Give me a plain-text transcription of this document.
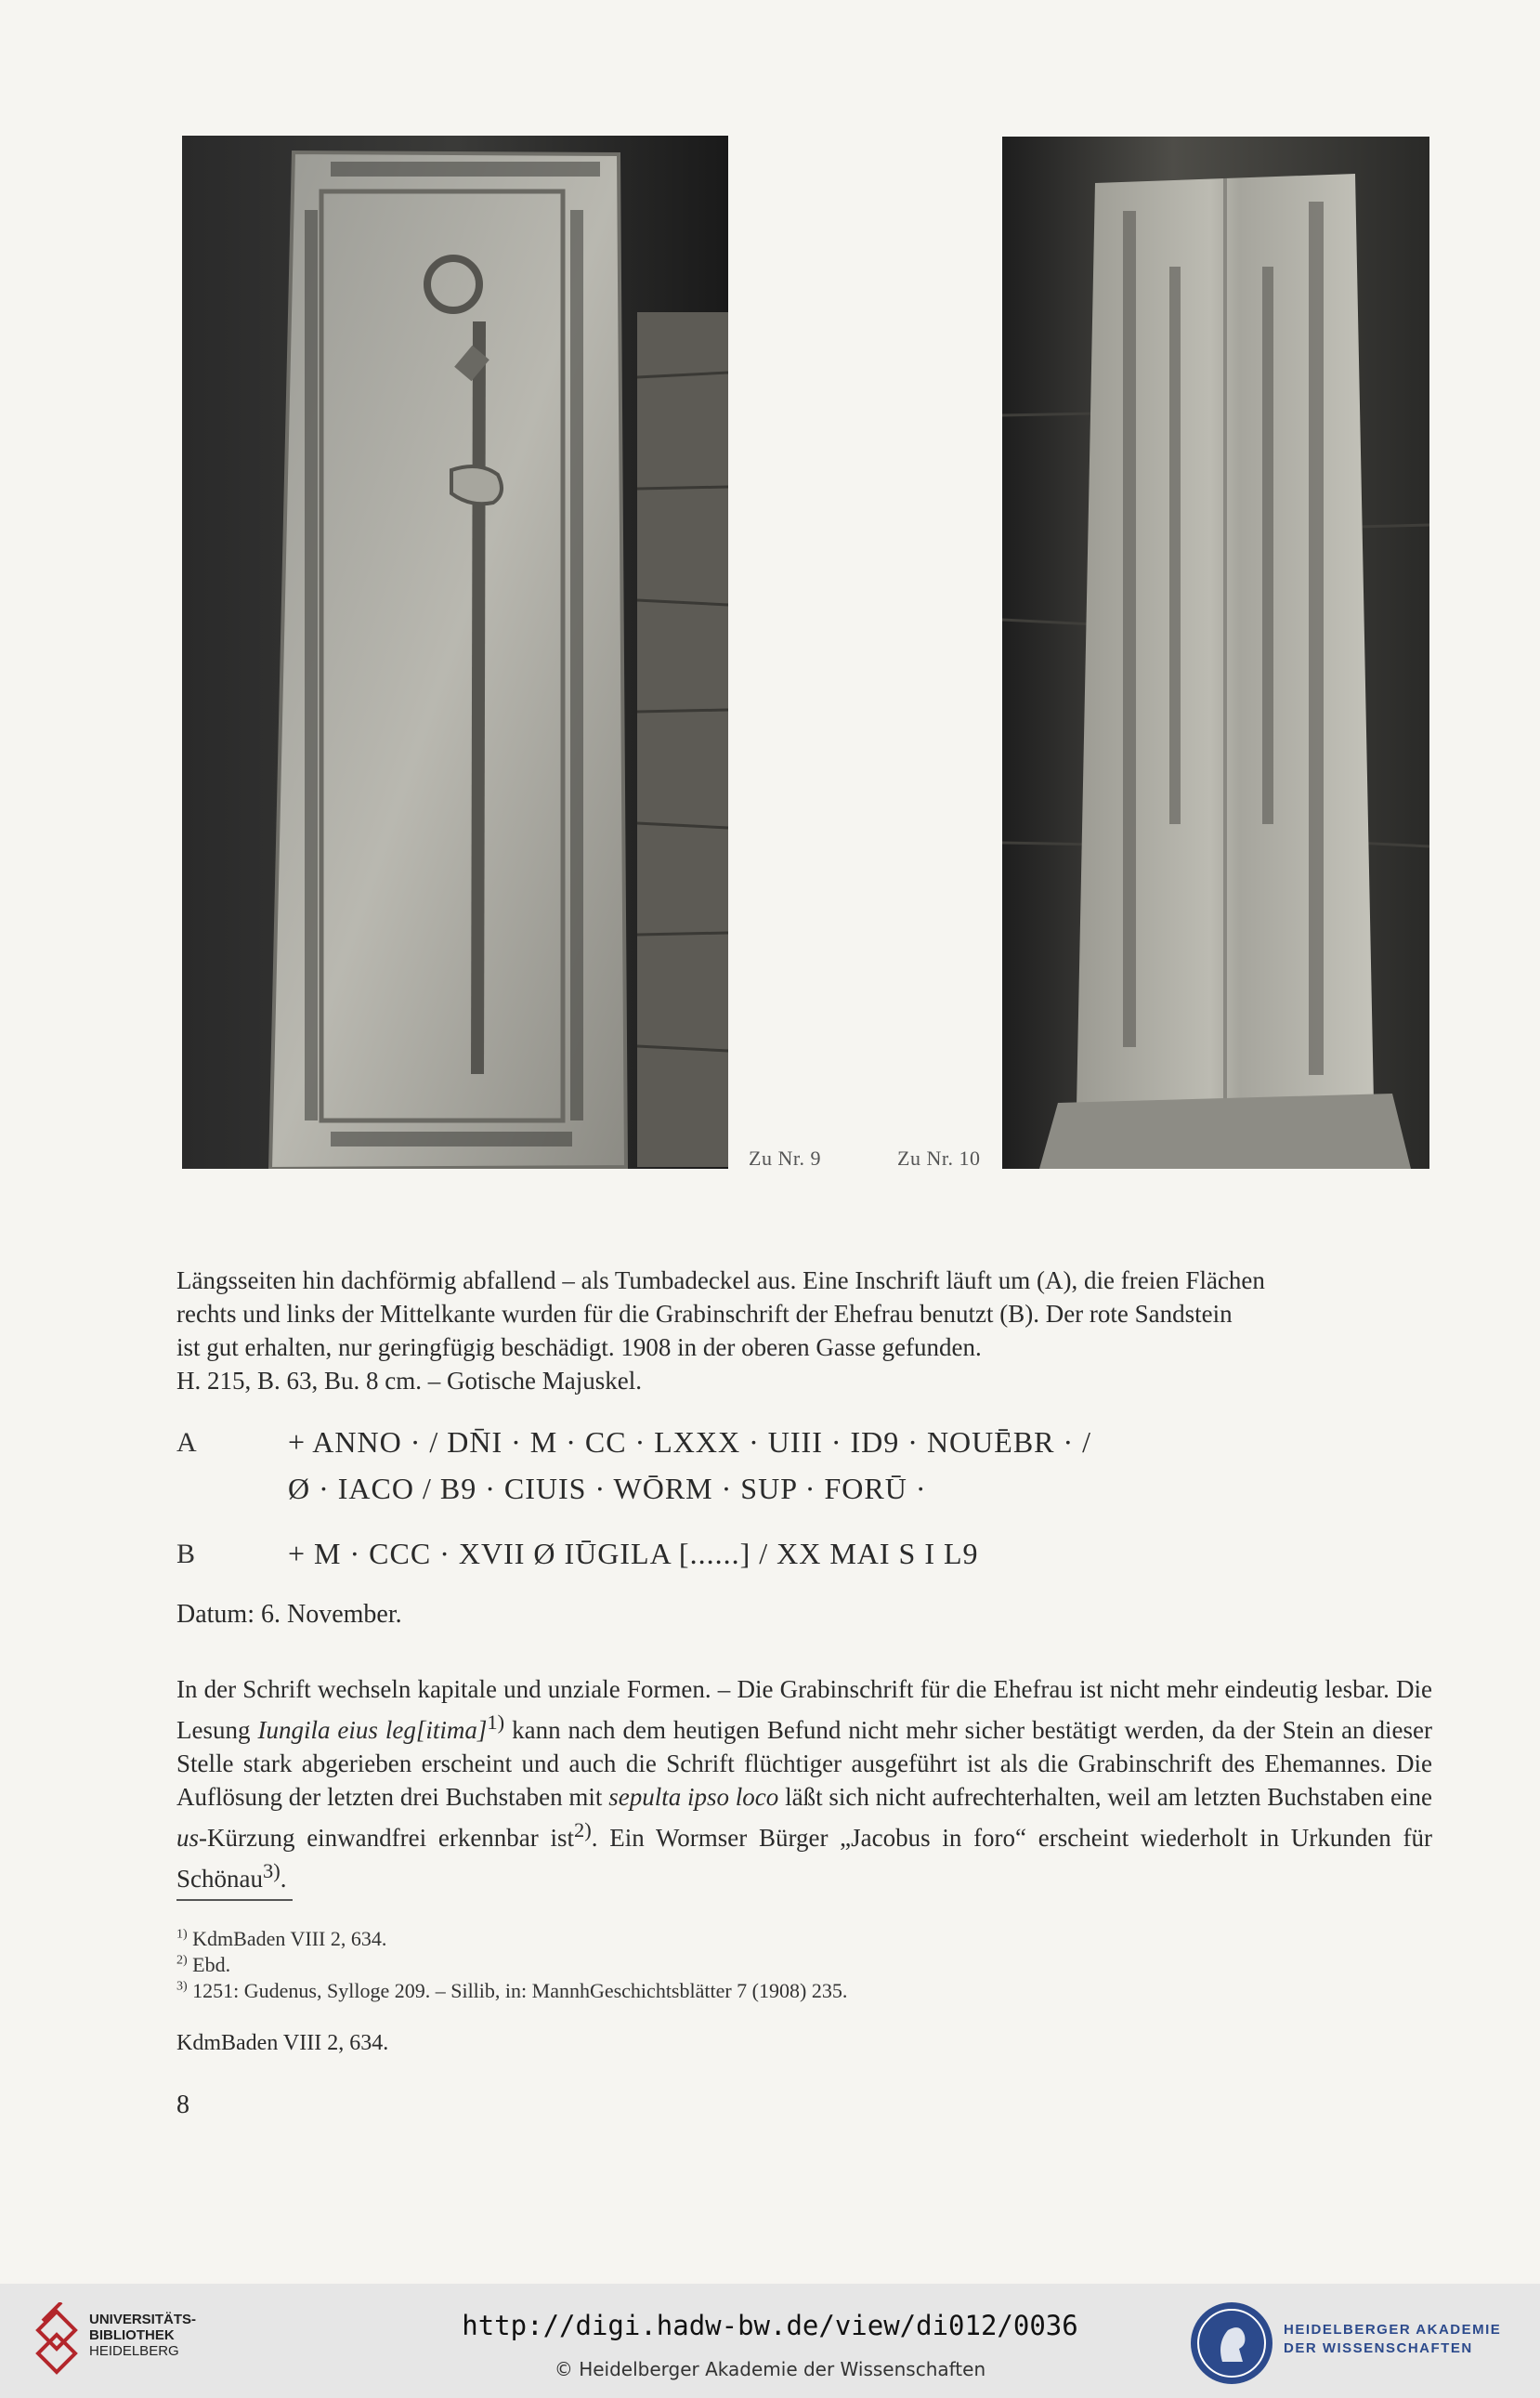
Zu Nr. 9	Zu Nr. 10
Längsseiten hin dachförmig abfallend – als Tumbadeckel aus. Eine Inschrift läuft um (A), die freien Flächen
rechts und links der Mittelkante wurden für die Grabinschrift der Ehefrau benutzt (B). Der rote Sandstein
ist gut erhalten, nur geringfügig beschädigt. 1908 in der oberen Gasse gefunden.
H. 215, B. 63, Bu. 8 cm. – Gotische Majuskel.
A	+ ANNO · / DN̄I · M · CC · LXXX · UIII · ID9 · NOUĒBR · /
Ø · IACO / B9 · CIUIS · WŌRM · SUP · FORŪ ·
B	+ M · CCC · XVII Ø IŪGILA [......] / XX MAI S I L9
Datum: 6. November.

In der Schrift wechseln kapitale und unziale Formen. – Die Grabinschrift für die Ehefrau ist nicht mehr eindeutig lesbar. Die Lesung Iungila eius leg[itima]$^{1)}$ kann nach dem heutigen Befund nicht mehr sicher bestätigt werden, da der Stein an dieser Stelle stark abgerieben erscheint und auch die Schrift flüchtiger ausgeführt ist als die Grabinschrift des Ehemannes. Die Auflösung der letzten drei Buchstaben mit sepulta ipso loco läßt sich nicht aufrechterhalten, weil am letzten Buchstaben eine us-Kürzung einwandfrei erkennbar ist$^{2)}$. Ein Wormser Bürger „Jacobus in foro“ erscheint wiederholt in Urkunden für Schönau$^{3)}$.

$^{1)}$ KdmBaden VIII 2, 634.
$^{2)}$ Ebd.
$^{3)}$ 1251: Gudenus, Sylloge 209. – Sillib, in: MannhGeschichtsblätter 7 (1908) 235.
KdmBaden VIII 2, 634.
8
UNIVERSITÄTS-
BIBLIOTHEK
HEIDELBERG
http://digi.hadw-bw.de/view/di012/0036
© Heidelberger Akademie der Wissenschaften
HEIDELBERGER AKADEMIE
DER WISSENSCHAFTEN
